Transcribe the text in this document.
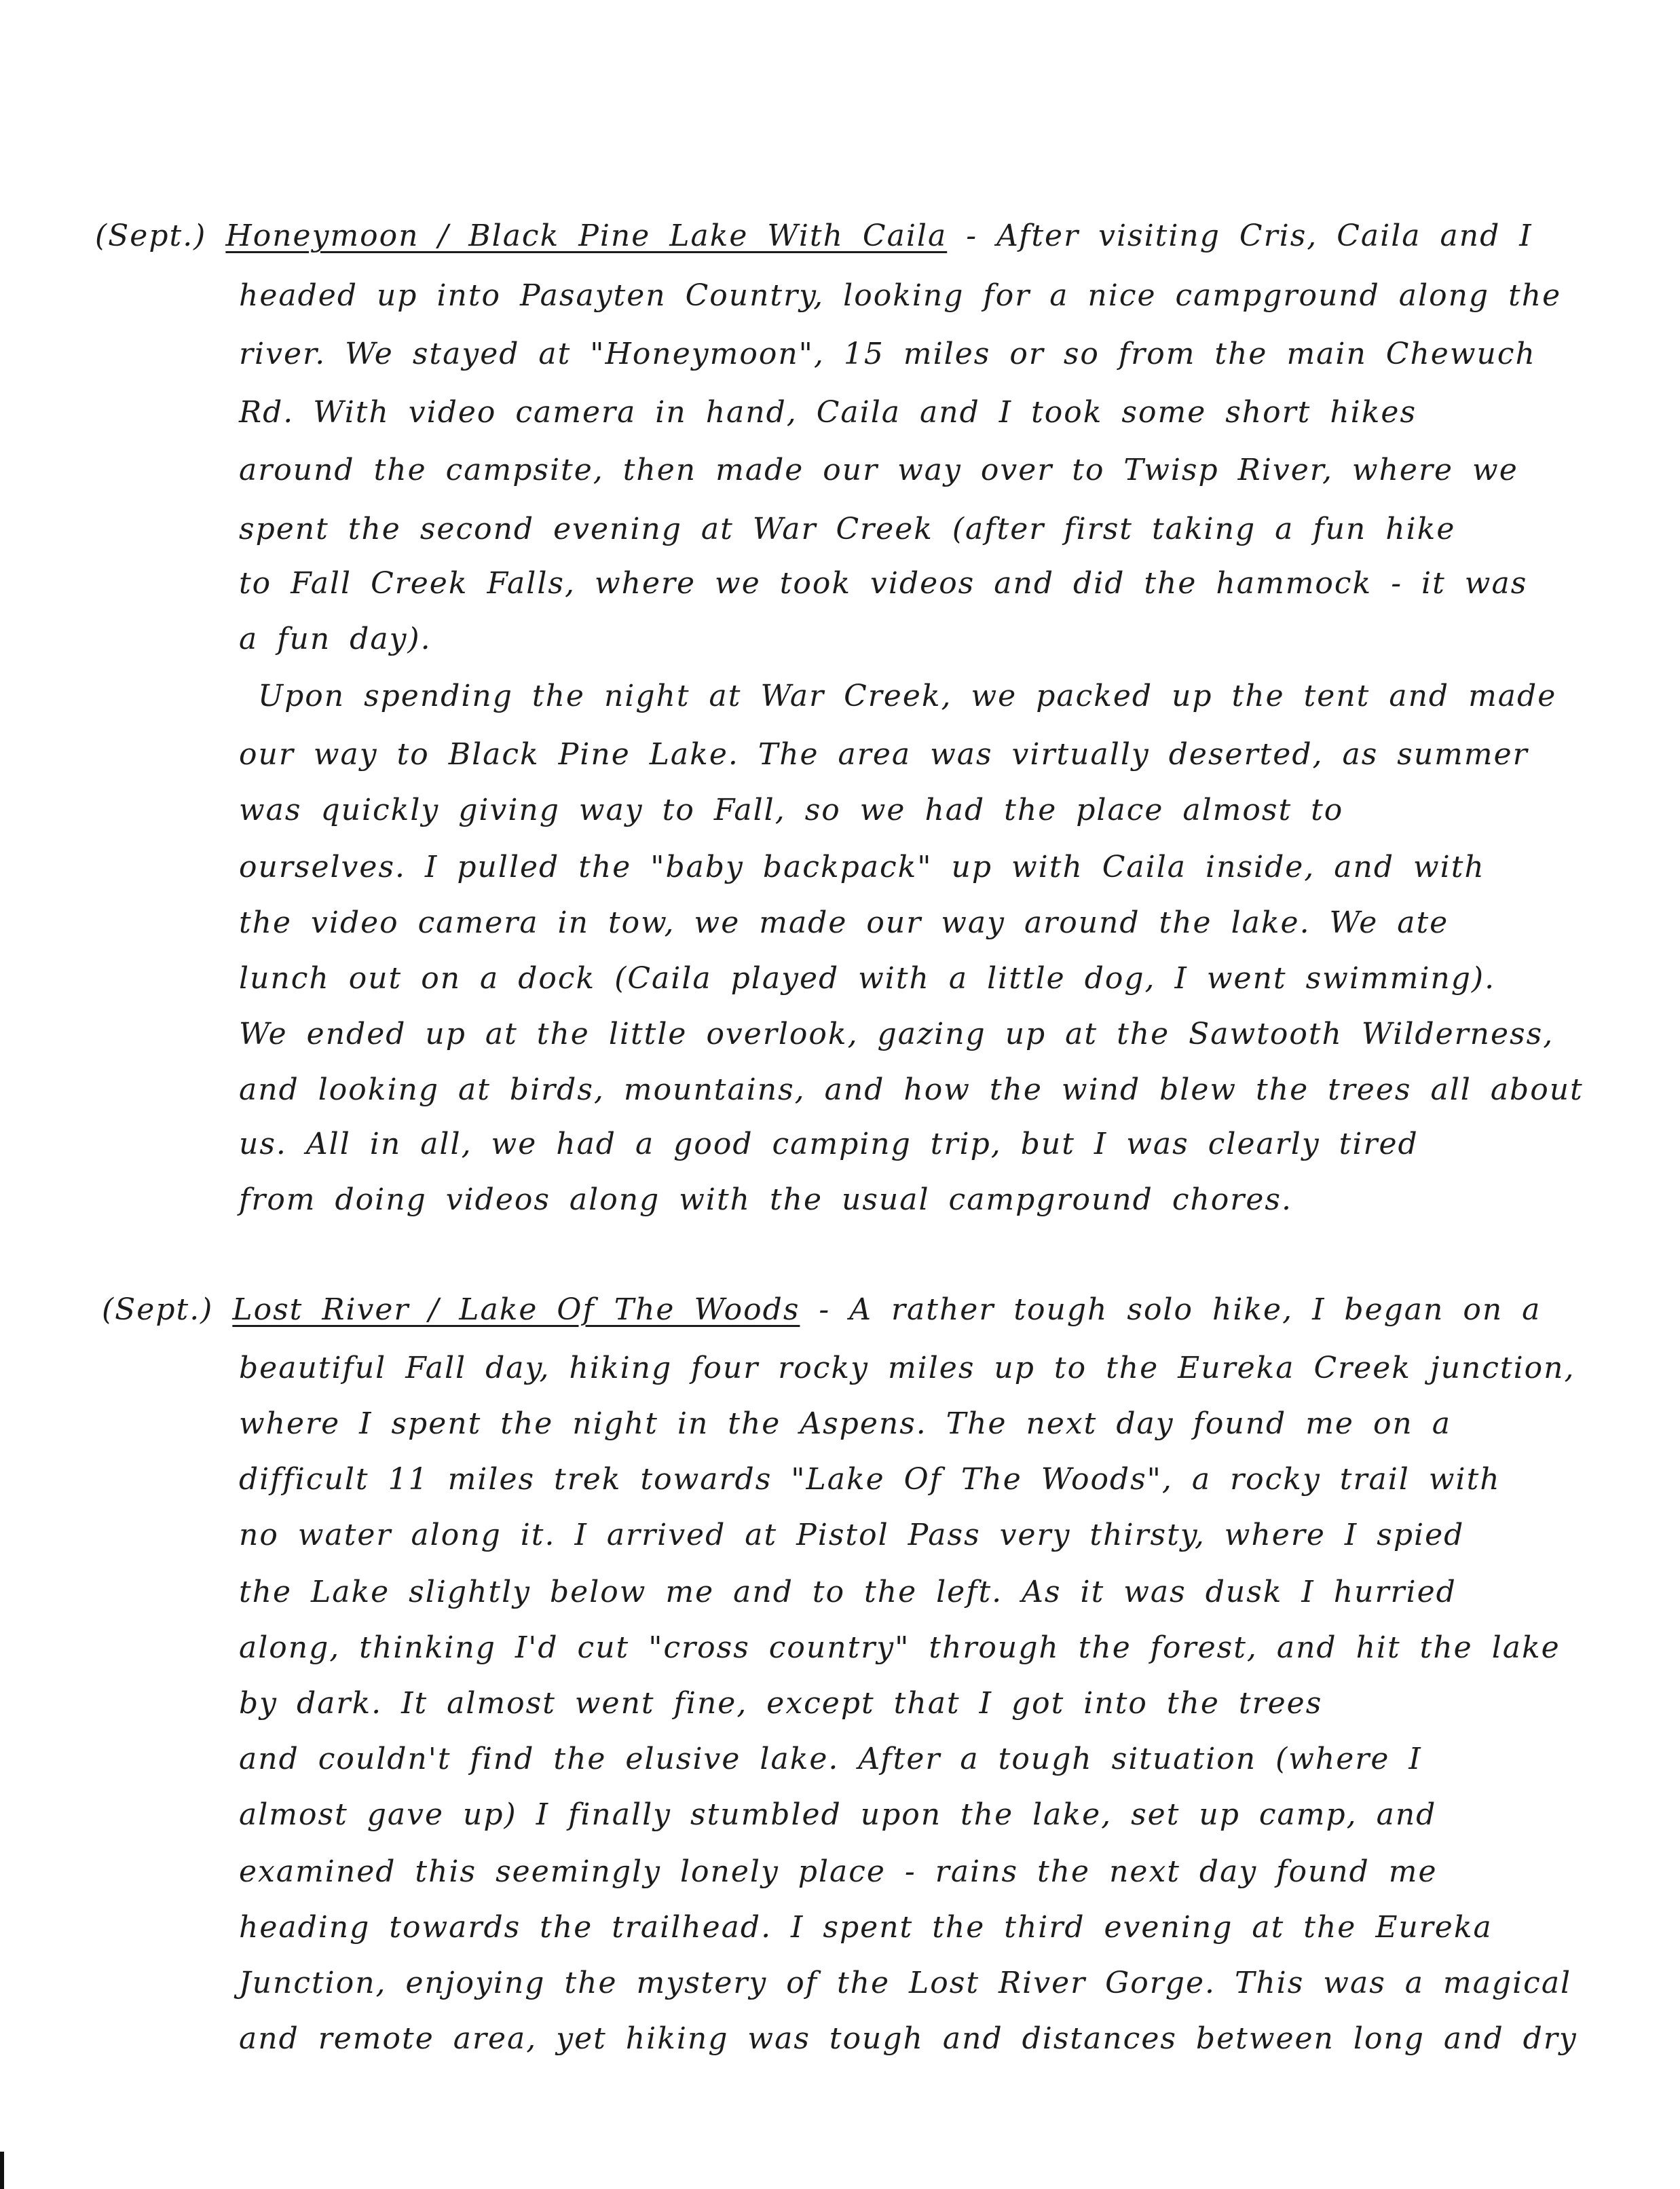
(Sept.) Honeymoon / Black Pine Lake With Caila - After visiting Cris, Caila and I
headed up into Pasayten Country, looking for a nice campground along the
river. We stayed at "Honeymoon", 15 miles or so from the main Chewuch
Rd. With video camera in hand, Caila and I took some short hikes
around the campsite, then made our way over to Twisp River, where we
spent the second evening at War Creek (after first taking a fun hike
to Fall Creek Falls, where we took videos and did the hammock - it was
a fun day).
Upon spending the night at War Creek, we packed up the tent and made
our way to Black Pine Lake. The area was virtually deserted, as summer
was quickly giving way to Fall, so we had the place almost to
ourselves. I pulled the "baby backpack" up with Caila inside, and with
the video camera in tow, we made our way around the lake. We ate
lunch out on a dock (Caila played with a little dog, I went swimming).
We ended up at the little overlook, gazing up at the Sawtooth Wilderness,
and looking at birds, mountains, and how the wind blew the trees all about
us. All in all, we had a good camping trip, but I was clearly tired
from doing videos along with the usual campground chores.
(Sept.) Lost River / Lake Of The Woods - A rather tough solo hike, I began on a
beautiful Fall day, hiking four rocky miles up to the Eureka Creek junction,
where I spent the night in the Aspens. The next day found me on a
difficult 11 miles trek towards "Lake Of The Woods", a rocky trail with
no water along it. I arrived at Pistol Pass very thirsty, where I spied
the Lake slightly below me and to the left. As it was dusk I hurried
along, thinking I'd cut "cross country" through the forest, and hit the lake
by dark. It almost went fine, except that I got into the trees
and couldn't find the elusive lake. After a tough situation (where I
almost gave up) I finally stumbled upon the lake, set up camp, and
examined this seemingly lonely place - rains the next day found me
heading towards the trailhead. I spent the third evening at the Eureka
Junction, enjoying the mystery of the Lost River Gorge. This was a magical
and remote area, yet hiking was tough and distances between long and dry
